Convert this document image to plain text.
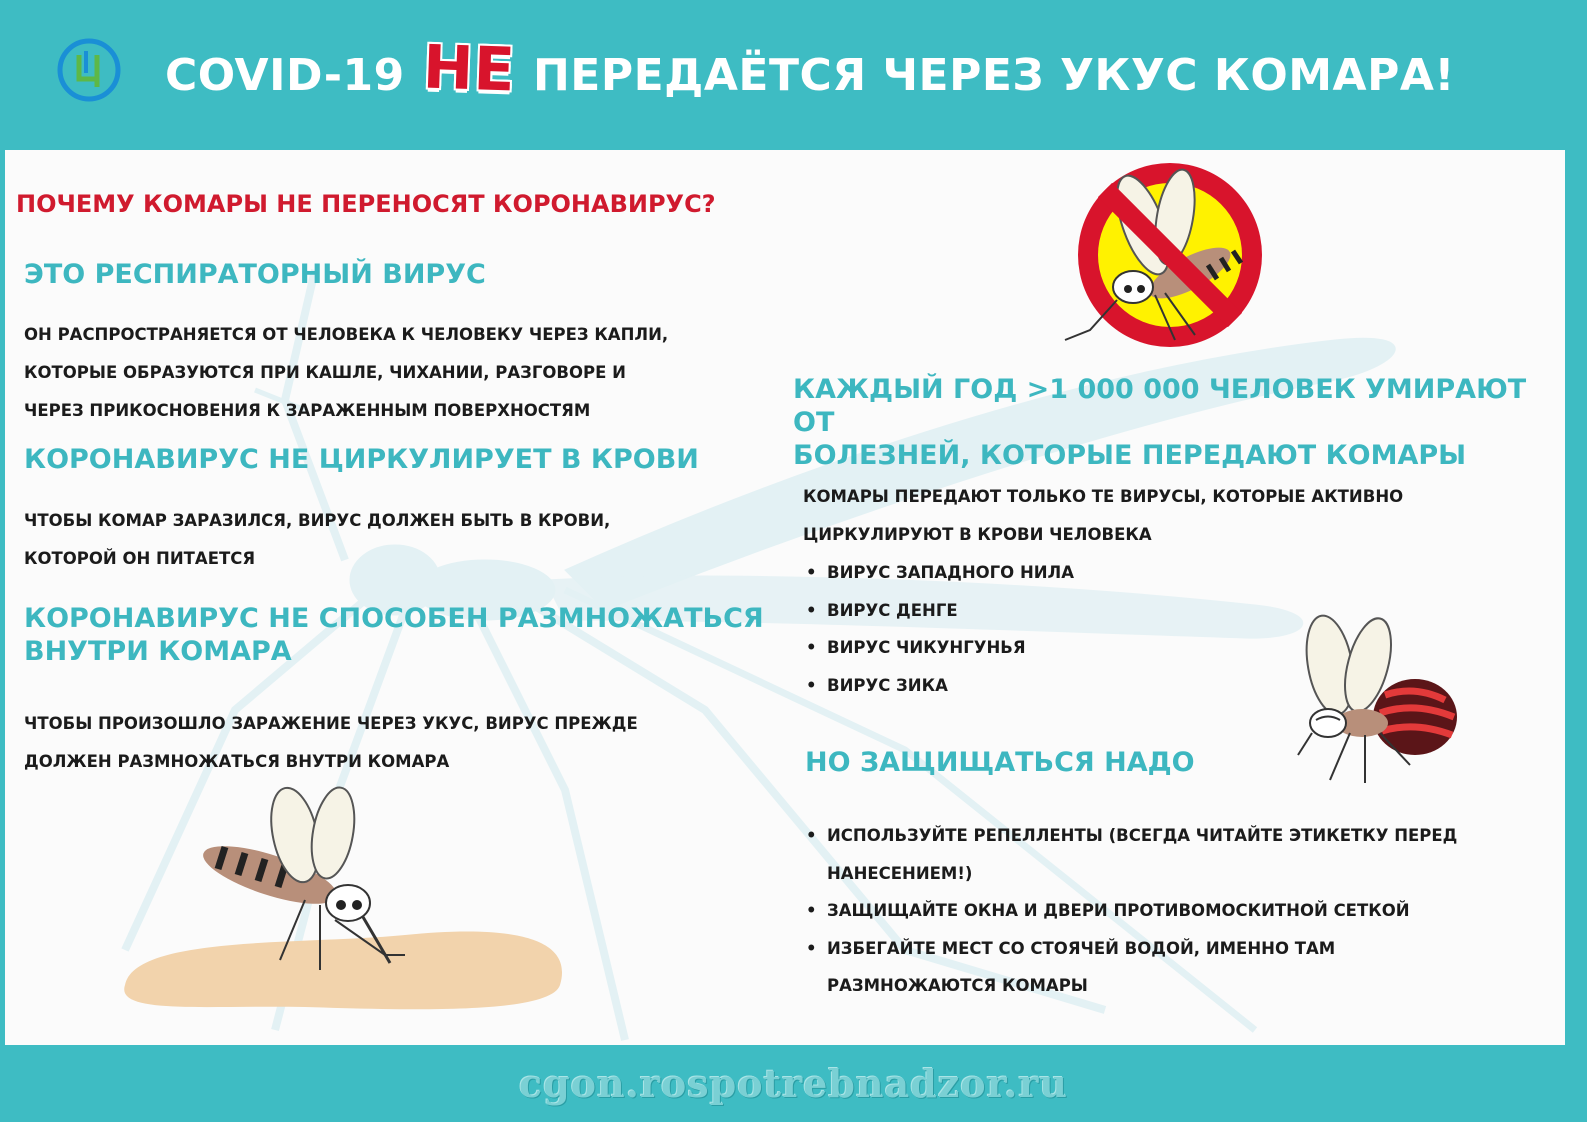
COVID-19 НЕ ПЕРЕДАЁТСЯ ЧЕРЕЗ УКУС КОМАРА!
ПОЧЕМУ КОМАРЫ НЕ ПЕРЕНОСЯТ КОРОНАВИРУС?
ЭТО РЕСПИРАТОРНЫЙ ВИРУС

ОН РАСПРОСТРАНЯЕТСЯ ОТ ЧЕЛОВЕКА К ЧЕЛОВЕКУ ЧЕРЕЗ КАПЛИ,

КОТОРЫЕ ОБРАЗУЮТСЯ ПРИ КАШЛЕ, ЧИХАНИИ, РАЗГОВОРЕ И

ЧЕРЕЗ ПРИКОСНОВЕНИЯ К ЗАРАЖЕННЫМ ПОВЕРХНОСТЯМ

КОРОНАВИРУС НЕ ЦИРКУЛИРУЕТ В КРОВИ

ЧТОБЫ КОМАР ЗАРАЗИЛСЯ, ВИРУС ДОЛЖЕН БЫТЬ В КРОВИ,

КОТОРОЙ ОН ПИТАЕТСЯ

КОРОНАВИРУС НЕ СПОСОБЕН РАЗМНОЖАТЬСЯ
ВНУТРИ КОМАРА

ЧТОБЫ ПРОИЗОШЛО ЗАРАЖЕНИЕ ЧЕРЕЗ УКУС, ВИРУС ПРЕЖДЕ

ДОЛЖЕН РАЗМНОЖАТЬСЯ ВНУТРИ КОМАРА

КАЖДЫЙ ГОД >1 000 000 ЧЕЛОВЕК УМИРАЮТ ОТ
БОЛЕЗНЕЙ, КОТОРЫЕ ПЕРЕДАЮТ КОМАРЫ

КОМАРЫ ПЕРЕДАЮТ ТОЛЬКО ТЕ ВИРУСЫ, КОТОРЫЕ АКТИВНО

ЦИРКУЛИРУЮТ В КРОВИ ЧЕЛОВЕКА

• ВИРУС ЗАПАДНОГО НИЛА
• ВИРУС ДЕНГЕ
• ВИРУС ЧИКУНГУНЬЯ
• ВИРУС ЗИКА
НО ЗАЩИЩАТЬСЯ НАДО
• ИСПОЛЬЗУЙТЕ РЕПЕЛЛЕНТЫ (ВСЕГДА ЧИТАЙТЕ ЭТИКЕТКУ ПЕРЕД
НАНЕСЕНИЕМ!)
• ЗАЩИЩАЙТЕ ОКНА И ДВЕРИ ПРОТИВОМОСКИТНОЙ СЕТКОЙ
• ИЗБЕГАЙТЕ МЕСТ СО СТОЯЧЕЙ ВОДОЙ, ИМЕННО ТАМ
РАЗМНОЖАЮТСЯ КОМАРЫ
cgon.rospotrebnadzor.ru
